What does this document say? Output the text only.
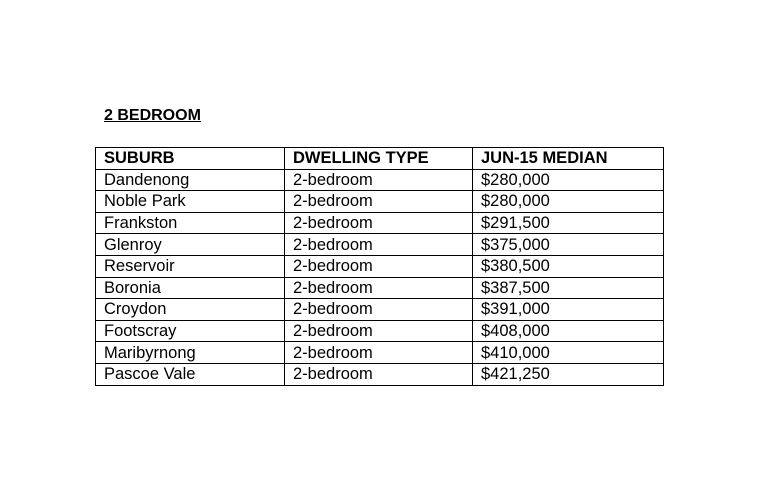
2 BEDROOM
SUBURB	DWELLING TYPE	JUN-15 MEDIAN
Dandenong	2-bedroom	$280,000
Noble Park	2-bedroom	$280,000
Frankston	2-bedroom	$291,500
Glenroy	2-bedroom	$375,000
Reservoir	2-bedroom	$380,500
Boronia	2-bedroom	$387,500
Croydon	2-bedroom	$391,000
Footscray	2-bedroom	$408,000
Maribyrnong	2-bedroom	$410,000
Pascoe Vale	2-bedroom	$421,250
